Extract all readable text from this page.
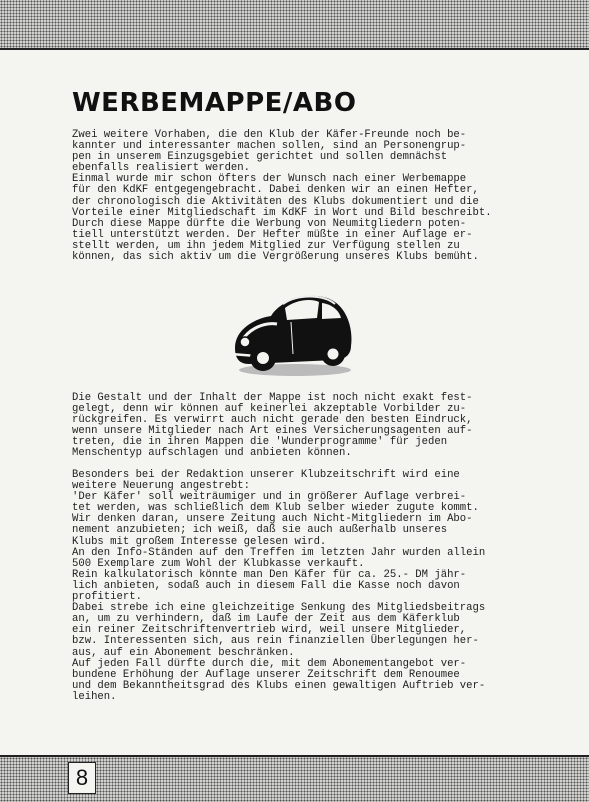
WERBEMAPPE/ABO

Zwei weitere Vorhaben, die den Klub der Käfer-Freunde noch be-
kannter und interessanter machen sollen, sind an Personengrup-
pen in unserem Einzugsgebiet gerichtet und sollen demnächst
ebenfalls realisiert werden.
Einmal wurde mir schon öfters der Wunsch nach einer Werbemappe
für den KdKF entgegengebracht. Dabei denken wir an einen Hefter,
der chronologisch die Aktivitäten des Klubs dokumentiert und die
Vorteile einer Mitgliedschaft im KdKF in Wort und Bild beschreibt.
Durch diese Mappe dürfte die Werbung von Neumitgliedern poten-
tiell unterstützt werden. Der Hefter müßte in einer Auflage er-
stellt werden, um ihn jedem Mitglied zur Verfügung stellen zu
können, das sich aktiv um die Vergrößerung unseres Klubs bemüht.

Die Gestalt und der Inhalt der Mappe ist noch nicht exakt fest-
gelegt, denn wir können auf keinerlei akzeptable Vorbilder zu-
rückgreifen. Es verwirrt auch nicht gerade den besten Eindruck,
wenn unsere Mitglieder nach Art eines Versicherungsagenten auf-
treten, die in ihren Mappen die 'Wunderprogramme' für jeden
Menschentyp aufschlagen und anbieten können.

Besonders bei der Redaktion unserer Klubzeitschrift wird eine
weitere Neuerung angestrebt:
'Der Käfer' soll weiträumiger und in größerer Auflage verbrei-
tet werden, was schließlich dem Klub selber wieder zugute kommt.
Wir denken daran, unsere Zeitung auch Nicht-Mitgliedern im Abo-
nement anzubieten; ich weiß, daß sie auch außerhalb unseres
Klubs mit großem Interesse gelesen wird.
An den Info-Ständen auf den Treffen im letzten Jahr wurden allein
500 Exemplare zum Wohl der Klubkasse verkauft.
Rein kalkulatorisch könnte man Den Käfer für ca. 25.- DM jähr-
lich anbieten, sodaß auch in diesem Fall die Kasse noch davon
profitiert.
Dabei strebe ich eine gleichzeitige Senkung des Mitgliedsbeitrags
an, um zu verhindern, daß im Laufe der Zeit aus dem Käferklub
ein reiner Zeitschriftenvertrieb wird, weil unsere Mitglieder,
bzw. Interessenten sich, aus rein finanziellen Überlegungen her-
aus, auf ein Abonement beschränken.
Auf jeden Fall dürfte durch die, mit dem Abonementangebot ver-
bundene Erhöhung der Auflage unserer Zeitschrift dem Renoumee
und dem Bekanntheitsgrad des Klubs einen gewaltigen Auftrieb ver-
leihen.

8
